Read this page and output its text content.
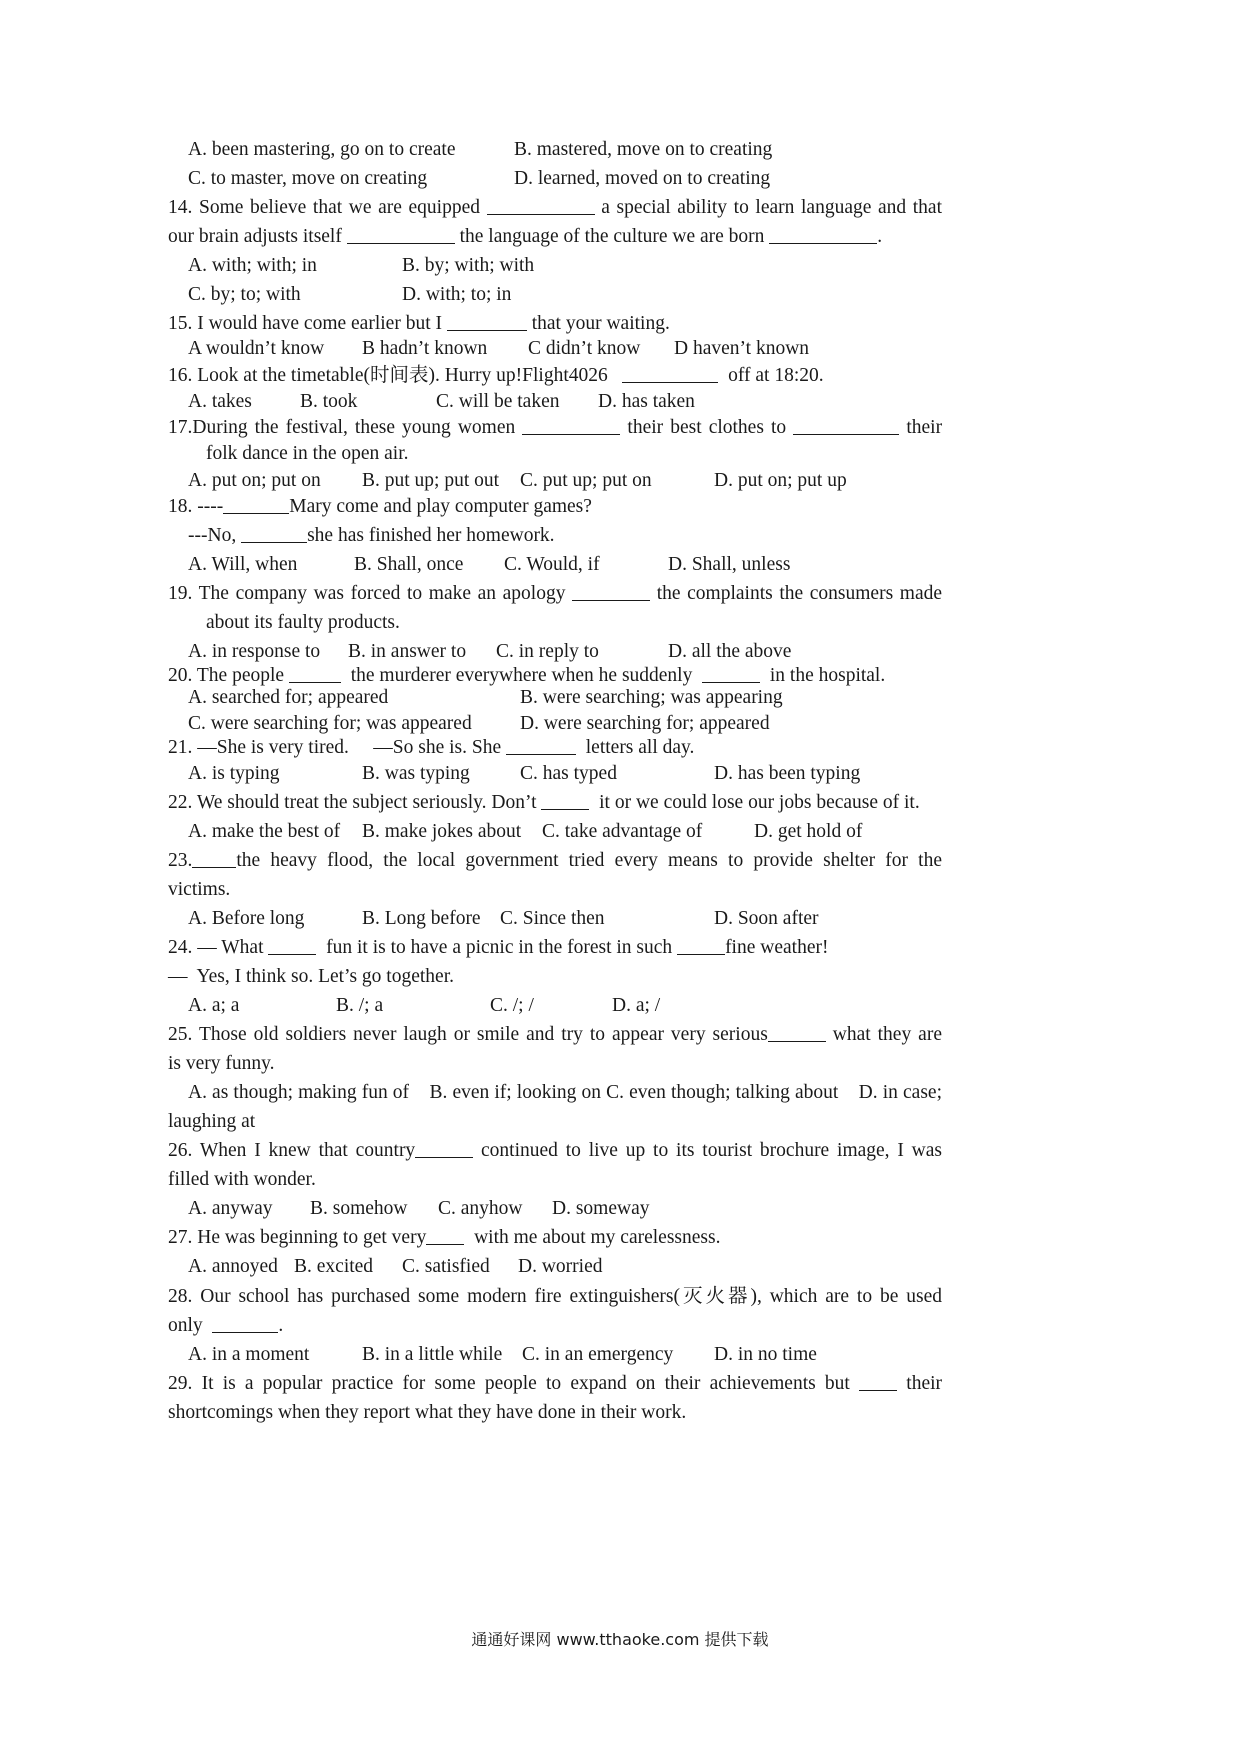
A. been mastering, go on to create

	B. mastered, move on to creating

C. to master, move on creating

	D. learned, moved on to creating

14. Some believe that we are equipped	a special ability to learn language and that
our brain adjusts itself	the language of the culture we are born	.

A. with; with; in

	B. by; with; with

C. by; to; with

	D. with; to; in

15. I would have come earlier but I	that your waiting.

A wouldn’t know

B hadn’t known

C didn’t know

D haven’t known

16. Look at the timetable(时间表). Hurry up!Flight4026	off at 18:20.

A. takes

B. took

	C. will be taken

D. has taken

17.During the festival, these young women	their best clothes to	their
folk dance in the open air.

A. put on; put on

B. put up; put out

C. put up; put on

	D. put on; put up

18. ----	Mary come and play computer games?
---No,	she has finished her homework.

A. Will, when

	B. Shall, once

C. Would, if

	D. Shall, unless

19. The company was forced to make an apology	the complaints the consumers made
about its faulty products.

A. in response to

B. in answer to

C. in reply to

	D. all the above

20. The people	the murderer everywhere when he suddenly	in the hospital.

A. searched for; appeared

	B. were searching; was appearing

C. were searching for; was appeared

D. were searching for; appeared

21. —She is very tired. —So she is. She	letters all day.

A. is typing

	B. was typing

	C. has typed

	D. has been typing

22. We should treat the subject seriously. Don’t	it or we could lose our jobs because of it.

A. make the best of

B. make jokes about

C. take advantage of

	D. get hold of

23. the heavy flood, the local government tried every means to provide shelter for the
victims.

A. Before long

	B. Long before

C. Since then

	D. Soon after

24. — What	fun it is to have a picnic in the forest in such	fine weather!
—  Yes, I think so. Let’s go together.

A. a; a

	B. /; a

	C. /; /

	D. a; /

25. Those old soldiers never laugh or smile and try to appear very serious	what they are
is very funny.
A. as though; making fun of    B. even if; looking on C. even though; talking about    D. in case;
laughing at
26. When I knew that country	continued to live up to its tourist brochure image, I was
filled with wonder.

A. anyway

B. somehow

C. anyhow

D. someway

27. He was beginning to get very with me about my carelessness.

A. annoyed

B. excited

C. satisfied

D. worried

28. Our school has purchased some modern fire extinguishers(灭火器), which are to be used
only	.

A. in a moment

	B. in a little while

C. in an emergency

D. in no time

29. It is a popular practice for some people to expand on their achievements but	their
shortcomings when they report what they have done in their work.
通通好课网 www.tthaoke.com 提供下载
